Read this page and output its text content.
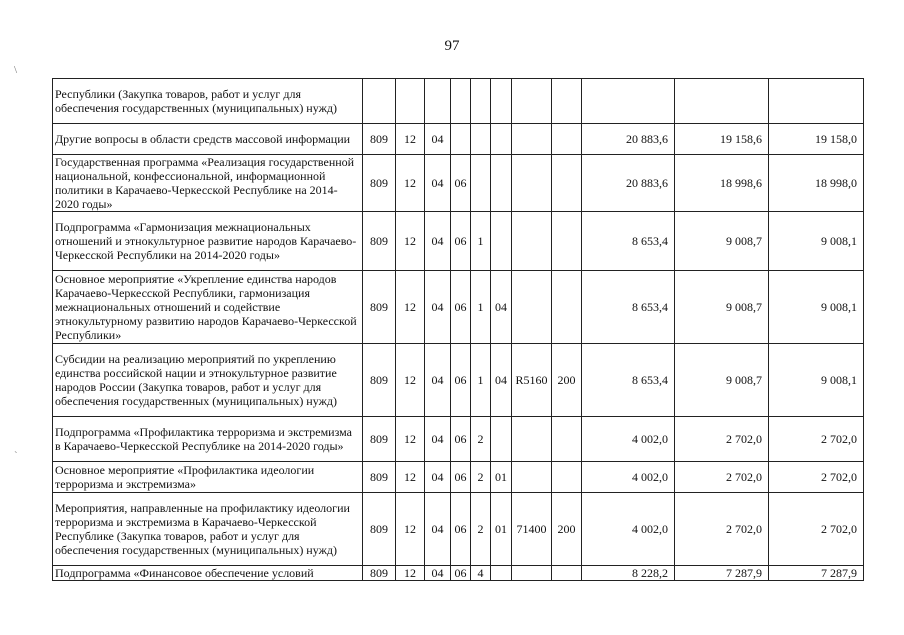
97
\
`
Республики (Закупка товаров, работ и услуг для обеспечения государственных (муниципальных) нужд)											
Другие вопросы в области средств массовой информации	809	12	04						20 883,6	19 158,6	19 158,0
Государственная программа «Реализация государственной национальной, конфессиональной, информационной политики в Карачаево-Черкесской Республике на 2014-2020 годы»	809	12	04	06					20 883,6	18 998,6	18 998,0
Подпрограмма «Гармонизация межнациональных отношений и этнокультурное развитие народов Карачаево-Черкесской Республики на 2014-2020 годы»	809	12	04	06	1				8 653,4	9 008,7	9 008,1
Основное мероприятие «Укрепление единства народов Карачаево-Черкесской Республики, гармонизация межнациональных отношений и содействие этнокультурному развитию народов Карачаево-Черкесской Республики»	809	12	04	06	1	04			8 653,4	9 008,7	9 008,1
Субсидии на реализацию мероприятий по укреплению единства российской нации и этнокультурное развитие народов России (Закупка товаров, работ и услуг для обеспечения государственных (муниципальных) нужд)	809	12	04	06	1	04	R5160	200	8 653,4	9 008,7	9 008,1
Подпрограмма «Профилактика терроризма и экстремизма в Карачаево-Черкесской Республике на 2014-2020 годы»	809	12	04	06	2				4 002,0	2 702,0	2 702,0
Основное мероприятие «Профилактика идеологии терроризма и экстремизма»	809	12	04	06	2	01			4 002,0	2 702,0	2 702,0
Мероприятия, направленные на профилактику идеологии терроризма и экстремизма в Карачаево-Черкесской Республике (Закупка товаров, работ и услуг для обеспечения государственных (муниципальных) нужд)	809	12	04	06	2	01	71400	200	4 002,0	2 702,0	2 702,0
Подпрограмма «Финансовое обеспечение условий	809	12	04	06	4				8 228,2	7 287,9	7 287,9
